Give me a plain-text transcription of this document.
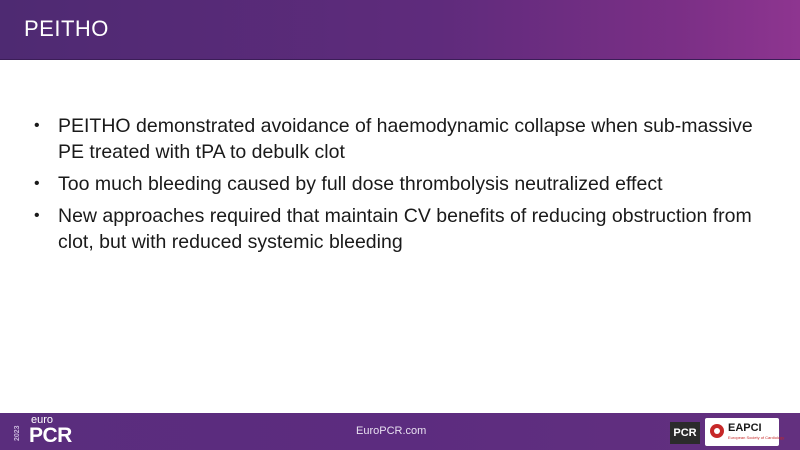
PEITHO
• PEITHO demonstrated avoidance of haemodynamic collapse when sub-massive PE treated with tPA to debulk clot
• Too much bleeding caused by full dose thrombolysis neutralized effect
• New approaches required that maintain CV benefits of reducing obstruction from clot, but with reduced systemic bleeding
2023
euro
PCR	EuroPCR.com	PCR	EAPCI
European Society of Cardiology
